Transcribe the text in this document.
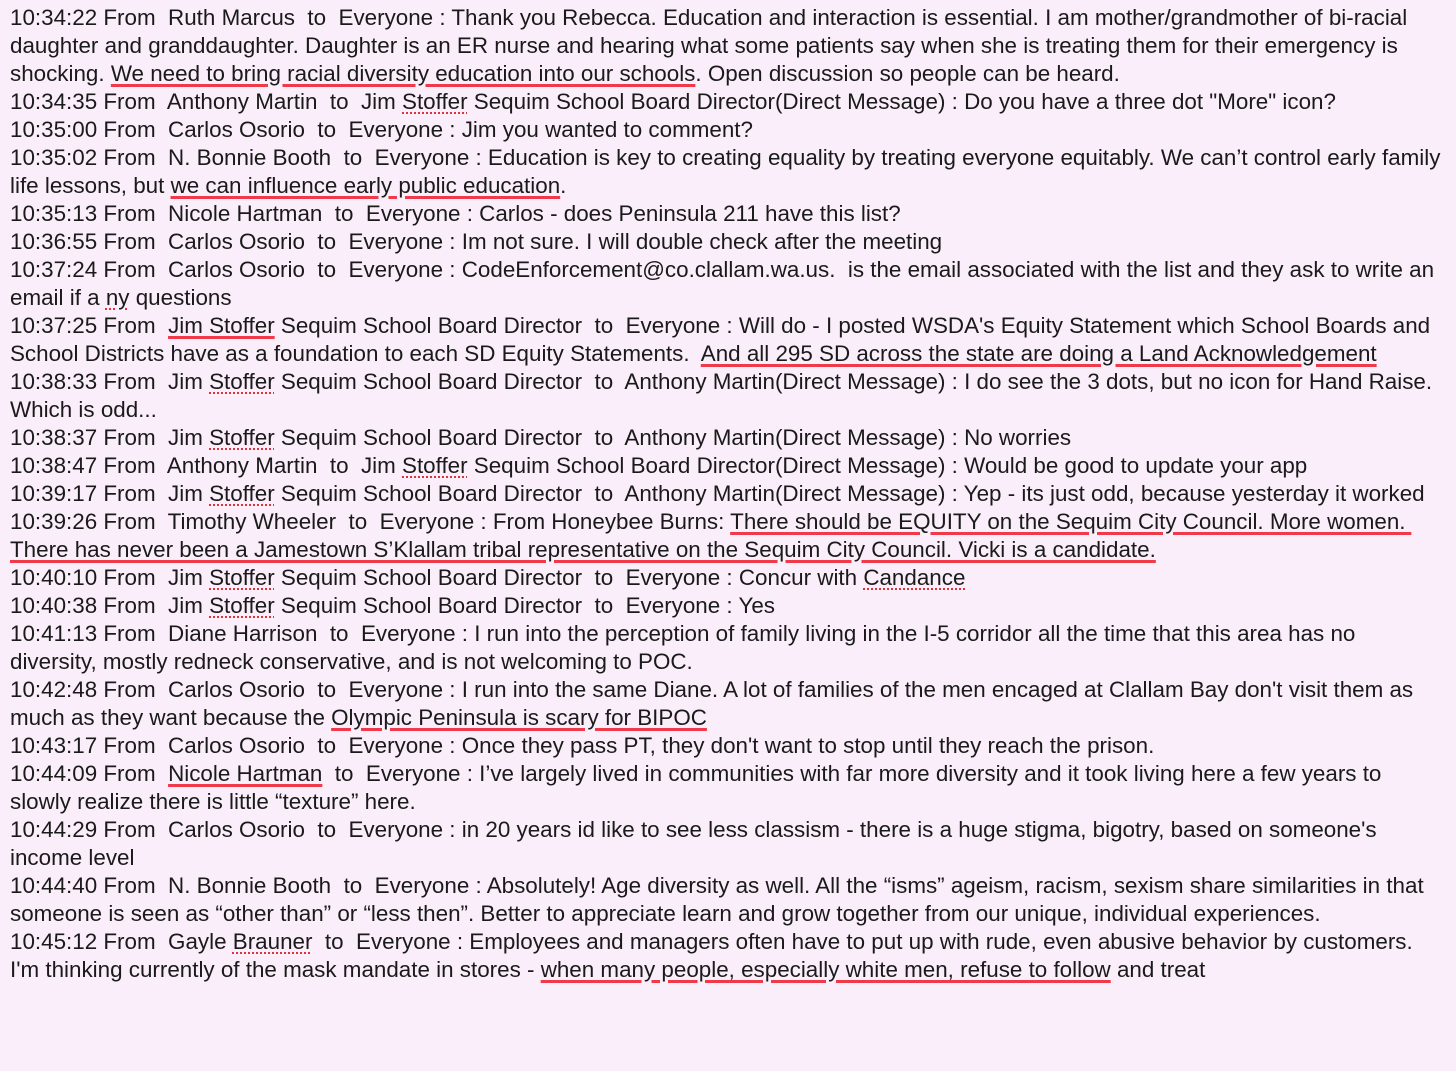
10:34:22 From  Ruth Marcus  to  Everyone : Thank you Rebecca. Education and interaction is essential. I am mother/grandmother of bi-racial daughter and granddaughter. Daughter is an ER nurse and hearing what some patients say when she is treating them for their emergency is shocking. We need to bring racial diversity education into our schools. Open discussion so people can be heard.

10:34:35 From  Anthony Martin  to  Jim Stoffer Sequim School Board Director(Direct Message) : Do you have a three dot "More" icon?

10:35:00 From  Carlos Osorio  to  Everyone : Jim you wanted to comment?

10:35:02 From  N. Bonnie Booth  to  Everyone : Education is key to creating equality by treating everyone equitably. We can’t control early family life lessons, but we can influence early public education.

10:35:13 From  Nicole Hartman  to  Everyone : Carlos - does Peninsula 211 have this list?

10:36:55 From  Carlos Osorio  to  Everyone : Im not sure. I will double check after the meeting

10:37:24 From  Carlos Osorio  to  Everyone : CodeEnforcement@co.clallam.wa.us.  is the email associated with the list and they ask to write an email if a ny questions

10:37:25 From  Jim Stoffer Sequim School Board Director  to  Everyone : Will do - I posted WSDA's Equity Statement which School Boards and School Districts have as a foundation to each SD Equity Statements.  And all 295 SD across the state are doing a Land Acknowledgement

10:38:33 From  Jim Stoffer Sequim School Board Director  to  Anthony Martin(Direct Message) : I do see the 3 dots, but no icon for Hand Raise.  Which is odd...

10:38:37 From  Jim Stoffer Sequim School Board Director  to  Anthony Martin(Direct Message) : No worries

10:38:47 From  Anthony Martin  to  Jim Stoffer Sequim School Board Director(Direct Message) : Would be good to update your app

10:39:17 From  Jim Stoffer Sequim School Board Director  to  Anthony Martin(Direct Message) : Yep - its just odd, because yesterday it worked

10:39:26 From  Timothy Wheeler  to  Everyone : From Honeybee Burns: There should be EQUITY on the Sequim City Council. More women. There has never been a Jamestown S’Klallam tribal representative on the Sequim City Council. Vicki is a candidate.

10:40:10 From  Jim Stoffer Sequim School Board Director  to  Everyone : Concur with Candance

10:40:38 From  Jim Stoffer Sequim School Board Director  to  Everyone : Yes

10:41:13 From  Diane Harrison  to  Everyone : I run into the perception of family living in the I-5 corridor all the time that this area has no diversity, mostly redneck conservative, and is not welcoming to POC.

10:42:48 From  Carlos Osorio  to  Everyone : I run into the same Diane. A lot of families of the men encaged at Clallam Bay don't visit them as much as they want because the Olympic Peninsula is scary for BIPOC

10:43:17 From  Carlos Osorio  to  Everyone : Once they pass PT, they don't want to stop until they reach the prison.

10:44:09 From  Nicole Hartman  to  Everyone : I’ve largely lived in communities with far more diversity and it took living here a few years to slowly realize there is little “texture” here.

10:44:29 From  Carlos Osorio  to  Everyone : in 20 years id like to see less classism - there is a huge stigma, bigotry, based on someone's income level

10:44:40 From  N. Bonnie Booth  to  Everyone : Absolutely! Age diversity as well. All the “isms” ageism, racism, sexism share similarities in that someone is seen as “other than” or “less then”. Better to appreciate learn and grow together from our unique, individual experiences.

10:45:12 From  Gayle Brauner  to  Everyone : Employees and managers often have to put up with rude, even abusive behavior by customers. I'm thinking currently of the mask mandate in stores - when many people, especially white men, refuse to follow and treat
